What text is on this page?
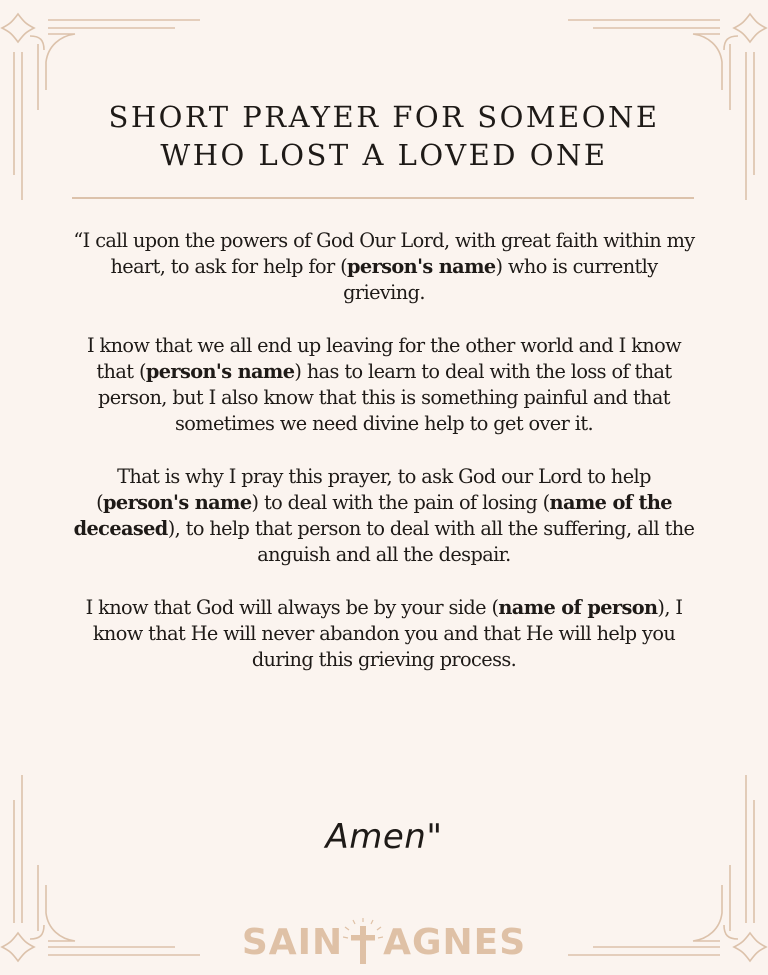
SHORT PRAYER FOR SOMEONE
WHO LOST A LOVED ONE

“I call upon the powers of God Our Lord, with great faith within my heart, to ask for help for (person's name) who is currently grieving.

I know that we all end up leaving for the other world and I know that (person's name) has to learn to deal with the loss of that person, but I also know that this is something painful and that sometimes we need divine help to get over it.

That is why I pray this prayer, to ask God our Lord to help (person's name) to deal with the pain of losing (name of the deceased), to help that person to deal with all the suffering, all the anguish and all the despair.

I know that God will always be by your side (name of person), I know that He will never abandon you and that He will help you during this grieving process.

Amen"
SAIN AGNES
